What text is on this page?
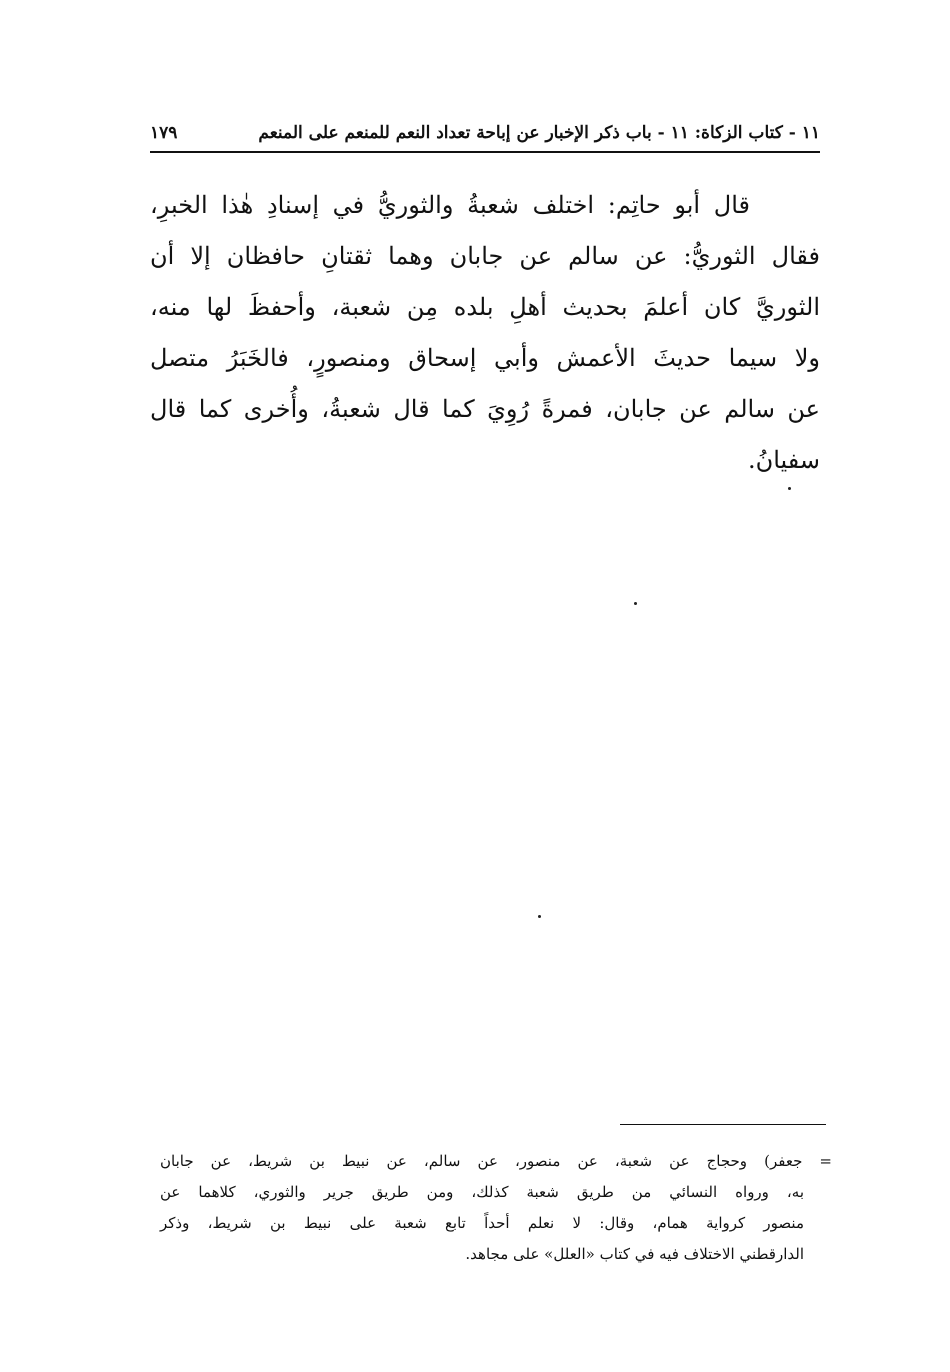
١١ - كتاب الزكاة: ١١ - باب ذكر الإخبار عن إباحة تعداد النعم للمنعم على المنعم
١٧٩
قال أبو حاتِم: اختلف شعبةُ والثوريُّ في إسنادِ هٰذا الخبرِ،
فقال الثوريُّ: عن سالم عن جابان وهما ثقتانِ حافظان إلا أن
الثوريَّ كان أعلمَ بحديث أهلِ بلده مِن شعبة، وأحفظَ لها منه،
ولا سيما حديثَ الأعمش وأبي إسحاق ومنصورٍ، فالخَبَرُ متصل
عن سالم عن جابان، فمرةً رُوِيَ كما قال شعبةُ، وأُخرى كما قال
سفيانُ.
= جعفر) وحجاج عن شعبة، عن منصور، عن سالم، عن نبيط بن شريط، عن جابان
به، ورواه النسائي من طريق شعبة كذلك، ومن طريق جرير والثوري، كلاهما عن
منصور كرواية همام، وقال: لا نعلم أحداً تابع شعبة على نبيط بن شريط، وذكر
الدارقطني الاختلاف فيه في كتاب «العلل» على مجاهد.
